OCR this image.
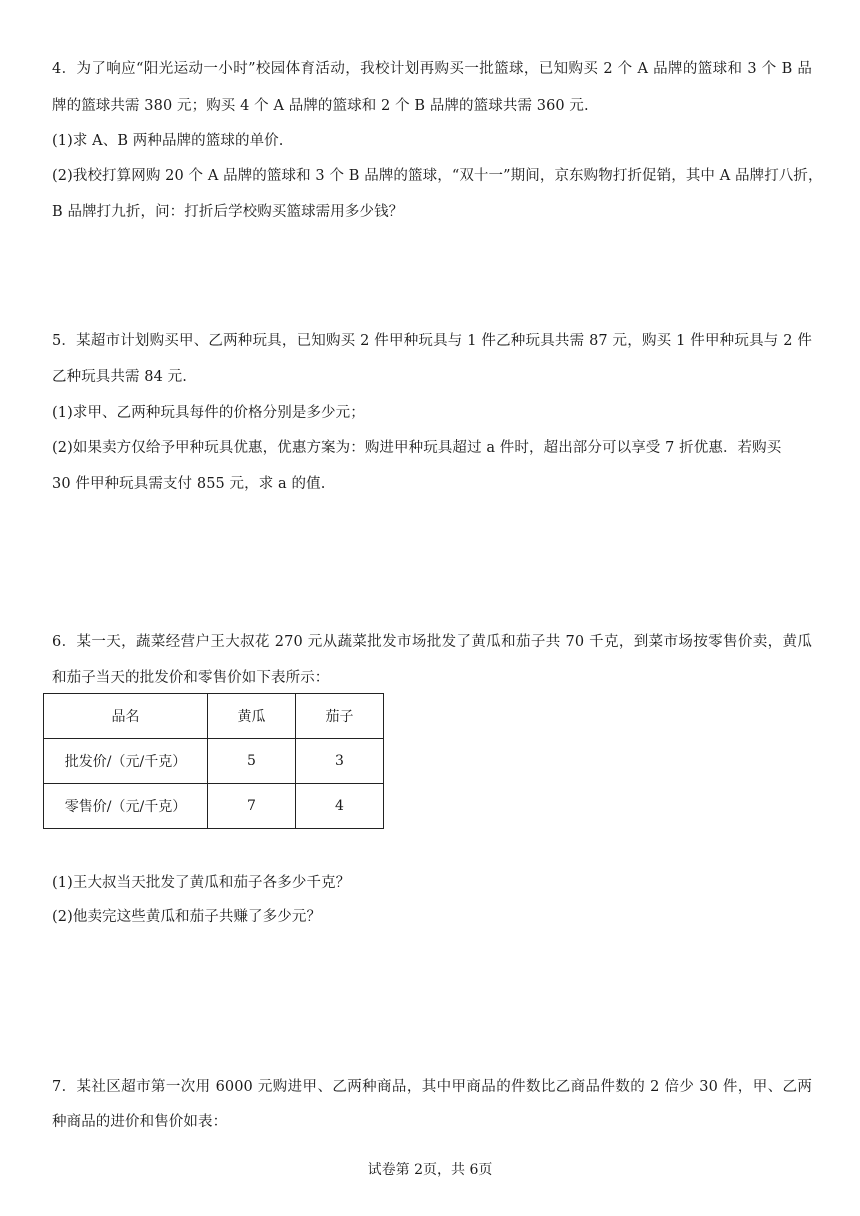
4．为了响应“阳光运动一小时”校园体育活动，我校计划再购买一批篮球，已知购买 2 个 A 品牌的篮球和 3 个 B 品
牌的篮球共需 380 元；购买 4 个 A 品牌的篮球和 2 个 B 品牌的篮球共需 360 元.
(1)求 A、B 两种品牌的篮球的单价.
(2)我校打算网购 20 个 A 品牌的篮球和 3 个 B 品牌的篮球，“双十一”期间，京东购物打折促销，其中 A 品牌打八折，
B 品牌打九折，问：打折后学校购买篮球需用多少钱？
5．某超市计划购买甲、乙两种玩具，已知购买 2 件甲种玩具与 1 件乙种玩具共需 87 元，购买 1 件甲种玩具与 2 件
乙种玩具共需 84 元.
(1)求甲、乙两种玩具每件的价格分别是多少元；
(2)如果卖方仅给予甲种玩具优惠，优惠方案为：购进甲种玩具超过 a 件时，超出部分可以享受 7 折优惠．若购买
30 件甲种玩具需支付 855 元，求 a 的值.
6．某一天，蔬菜经营户王大叔花 270 元从蔬菜批发市场批发了黄瓜和茄子共 70 千克，到菜市场按零售价卖，黄瓜
和茄子当天的批发价和零售价如下表所示：
品名	黄瓜	茄子
批发价/（元/千克）	5	3
零售价/（元/千克）	7	4
(1)王大叔当天批发了黄瓜和茄子各多少千克？
(2)他卖完这些黄瓜和茄子共赚了多少元？
7．某社区超市第一次用 6000 元购进甲、乙两种商品，其中甲商品的件数比乙商品件数的 2 倍少 30 件，甲、乙两
种商品的进价和售价如表：
试卷第 2页，共 6页
